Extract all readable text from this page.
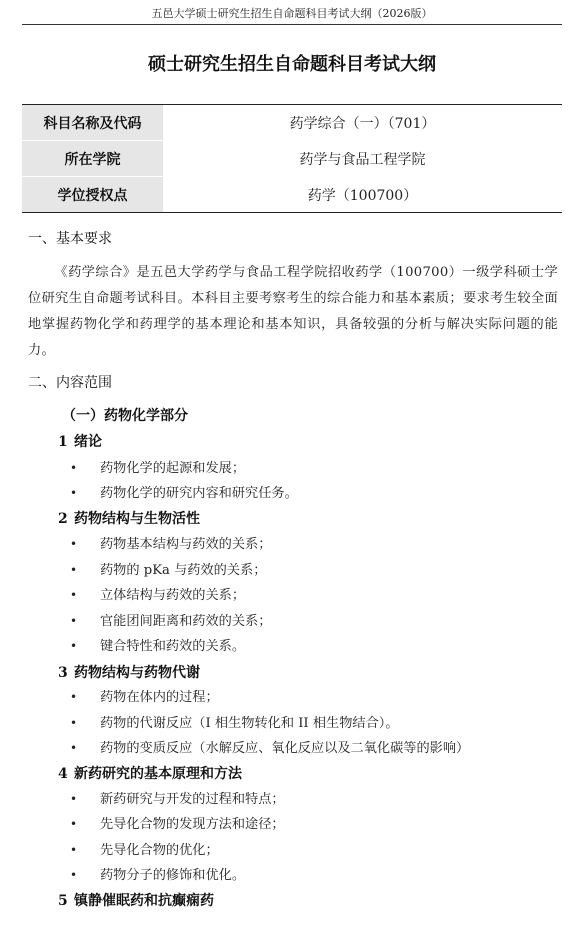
五邑大学硕士研究生招生自命题科目考试大纲（2026版）
硕士研究生招生自命题科目考试大纲
科目名称及代码	药学综合（一）（701）
所在学院	药学与食品工程学院
学位授权点	药学（100700）
一、基本要求
《药学综合》是五邑大学药学与食品工程学院招收药学（100700）一级学科硕士学位研究生自命题考试科目。本科目主要考察考生的综合能力和基本素质；要求考生较全面地掌握药物化学和药理学的基本理论和基本知识，具备较强的分析与解决实际问题的能力。
二、内容范围
（一）药物化学部分
1 绪论
• 药物化学的起源和发展；
• 药物化学的研究内容和研究任务。
2 药物结构与生物活性
• 药物基本结构与药效的关系；
• 药物的 pKa 与药效的关系；
• 立体结构与药效的关系；
• 官能团间距离和药效的关系；
• 键合特性和药效的关系。
3 药物结构与药物代谢
• 药物在体内的过程；
• 药物的代谢反应（I 相生物转化和 II 相生物结合）。
• 药物的变质反应（水解反应、氧化反应以及二氧化碳等的影响）
4 新药研究的基本原理和方法
• 新药研究与开发的过程和特点；
• 先导化合物的发现方法和途径；
• 先导化合物的优化；
• 药物分子的修饰和优化。
5 镇静催眠药和抗癫痫药
